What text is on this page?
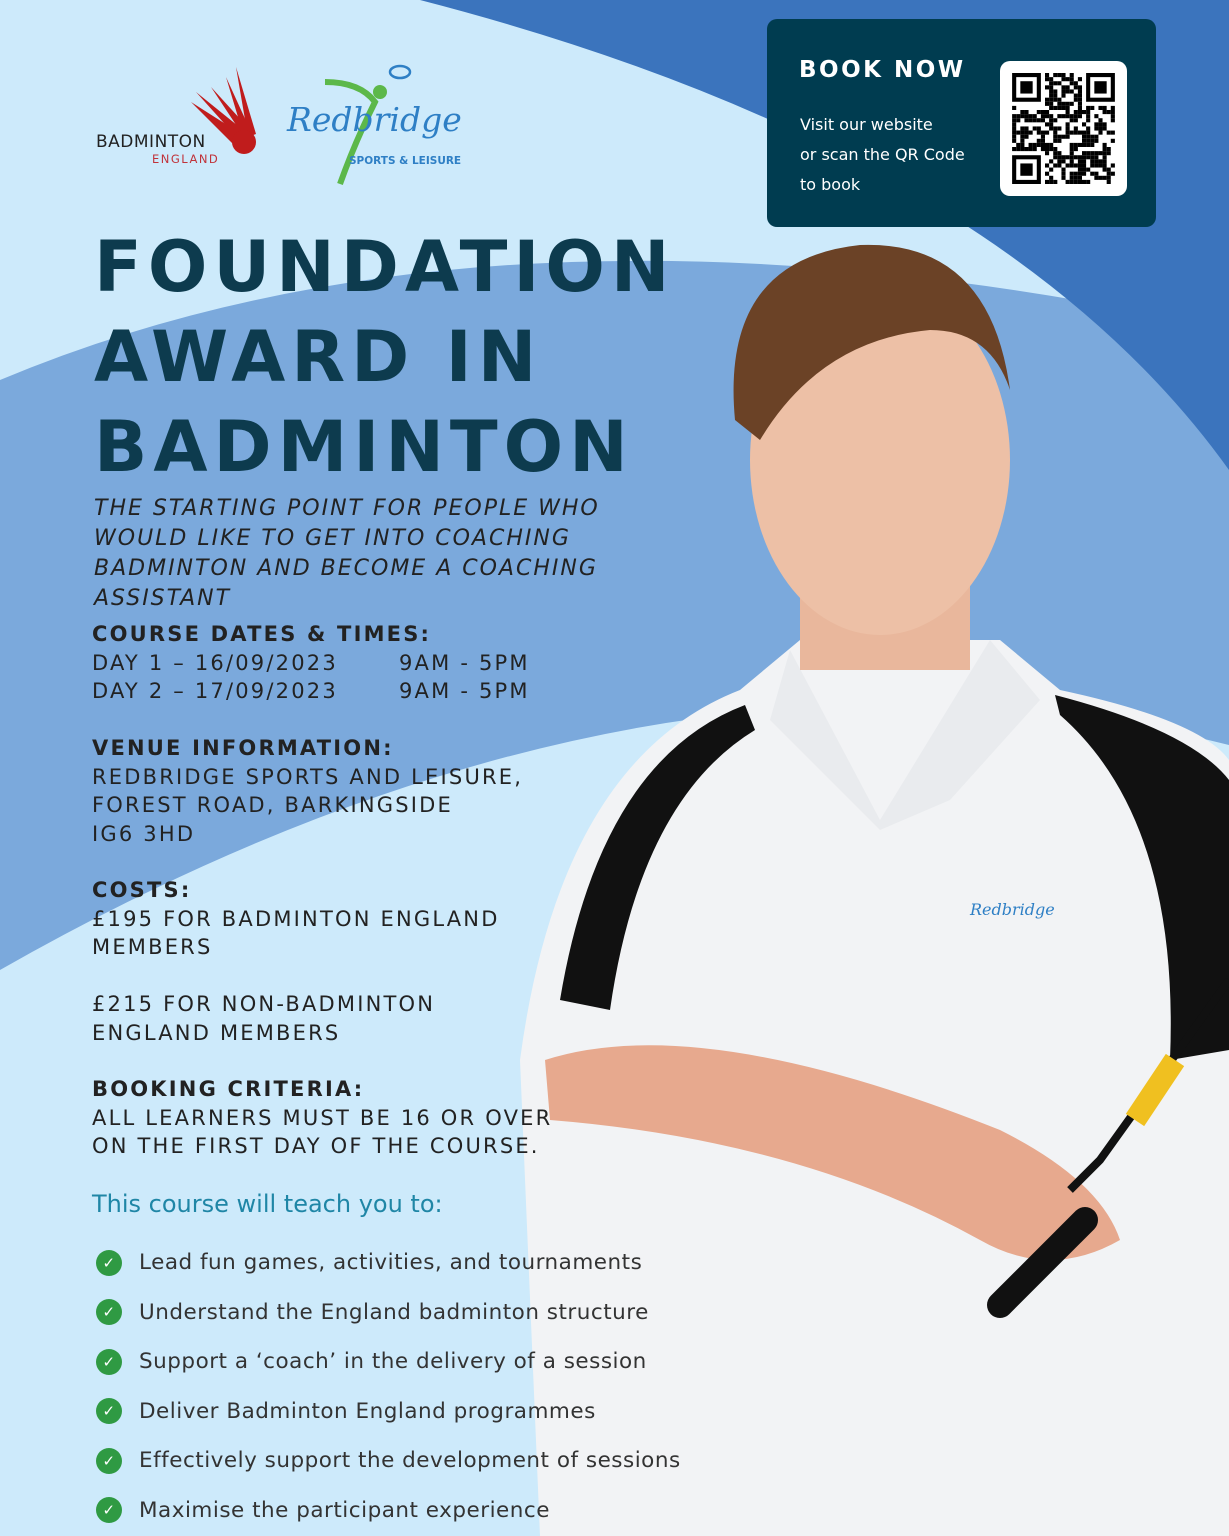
Redbridge
BADMINTON
ENGLAND
Redbridge
SPORTS & LEISURE
BOOK NOW
Visit our website
or scan the QR Code
to book
FOUNDATION
AWARD IN
BADMINTON
THE STARTING POINT FOR PEOPLE WHO WOULD LIKE TO GET INTO COACHING BADMINTON AND BECOME A COACHING ASSISTANT
COURSE DATES & TIMES:
DAY 1 – 16/09/2023	9AM - 5PM
DAY 2 – 17/09/2023	9AM - 5PM
VENUE INFORMATION:
REDBRIDGE SPORTS AND LEISURE,
FOREST ROAD, BARKINGSIDE
IG6 3HD
COSTS:
£195 FOR BADMINTON ENGLAND
MEMBERS
£215 FOR NON-BADMINTON
ENGLAND MEMBERS
BOOKING CRITERIA:
ALL LEARNERS MUST BE 16 OR OVER
ON THE FIRST DAY OF THE COURSE.
This course will teach you to:
✓	Lead fun games, activities, and tournaments
✓	Understand the England badminton structure
✓	Support a ‘coach’ in the delivery of a session
✓	Deliver Badminton England programmes
✓	Effectively support the development of sessions
✓	Maximise the participant experience
